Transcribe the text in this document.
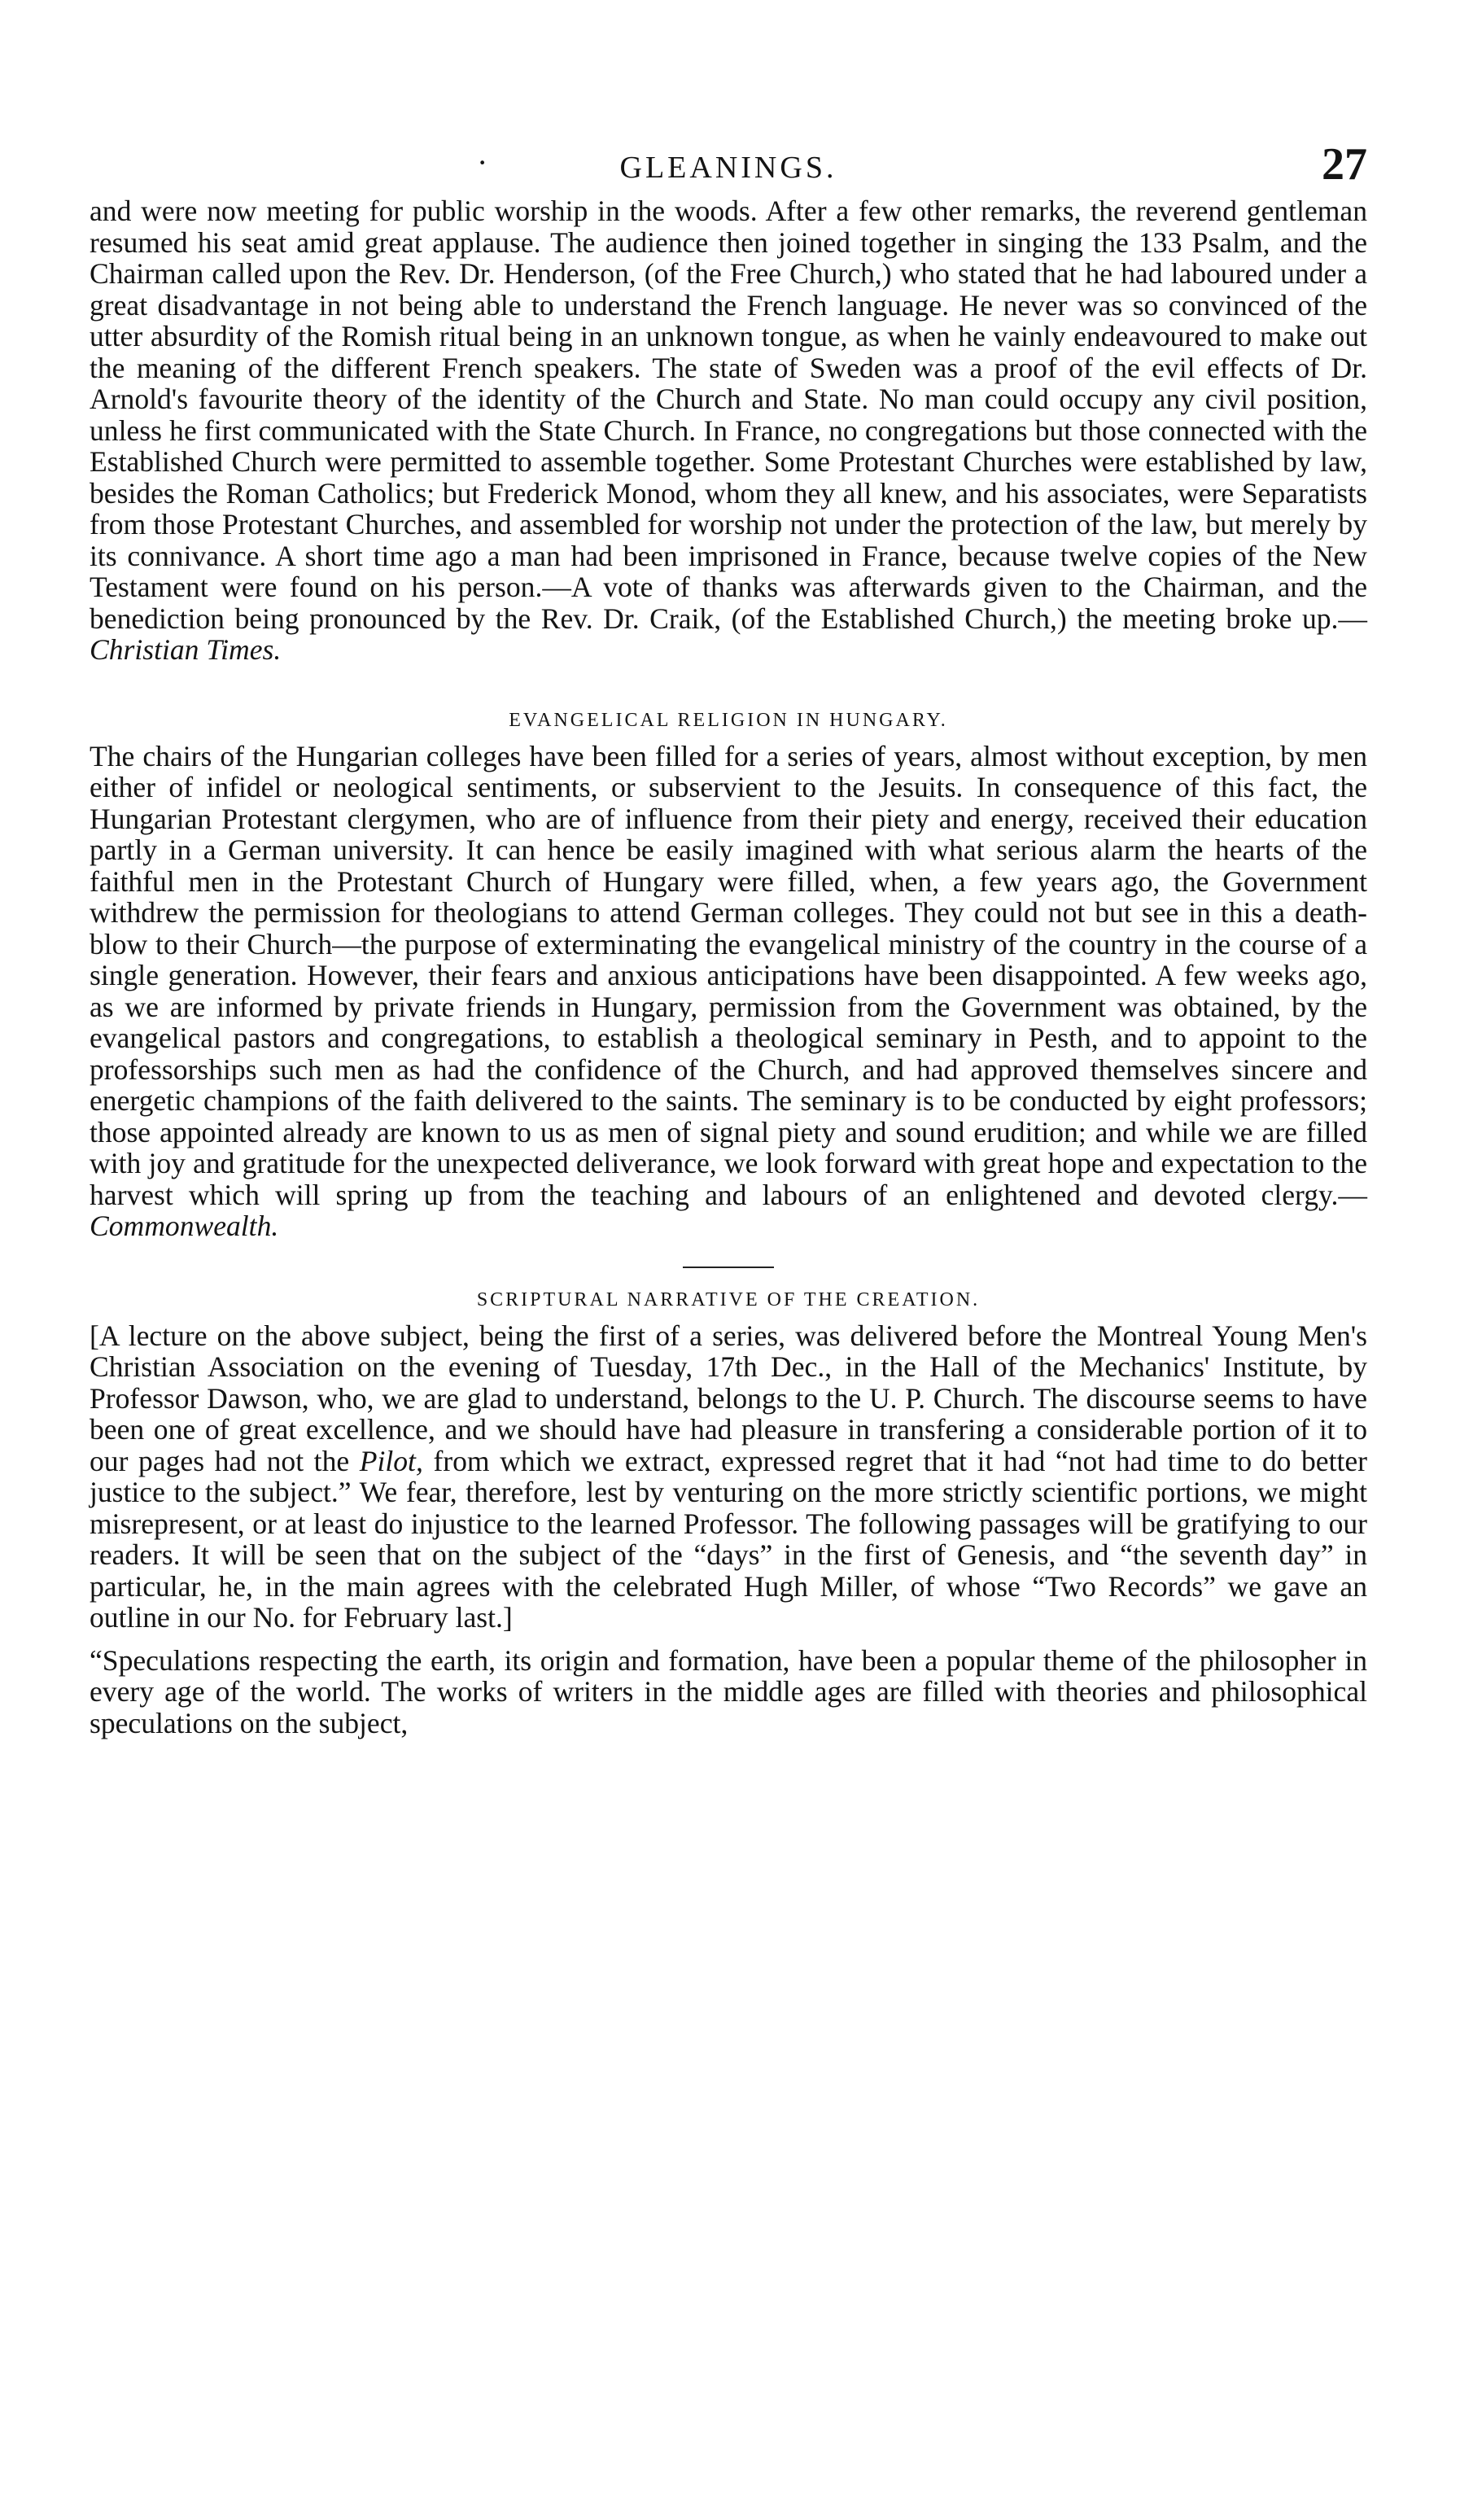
·	GLEANINGS.	27

and were now meeting for public worship in the woods. After a few other remarks, the reverend gentleman resumed his seat amid great applause. The audience then joined together in singing the 133 Psalm, and the Chairman called upon the Rev. Dr. Henderson, (of the Free Church,) who stated that he had laboured under a great disadvantage in not being able to understand the French language. He never was so convinced of the utter absurdity of the Romish ritual being in an unknown tongue, as when he vainly endeavoured to make out the meaning of the different French speakers. The state of Sweden was a proof of the evil effects of Dr. Arnold's favourite theory of the identity of the Church and State. No man could occupy any civil position, unless he first communicated with the State Church. In France, no congregations but those connected with the Established Church were permitted to assemble together. Some Protestant Churches were established by law, besides the Roman Catholics; but Frederick Monod, whom they all knew, and his associates, were Separatists from those Protestant Churches, and assembled for worship not under the protection of the law, but merely by its connivance. A short time ago a man had been imprisoned in France, because twelve copies of the New Testament were found on his person.—A vote of thanks was afterwards given to the Chairman, and the benediction being pronounced by the Rev. Dr. Craik, (of the Established Church,) the meeting broke up.—Christian Times.

EVANGELICAL RELIGION IN HUNGARY.

The chairs of the Hungarian colleges have been filled for a series of years, almost without exception, by men either of infidel or neological sentiments, or subservient to the Jesuits. In consequence of this fact, the Hungarian Protestant clergymen, who are of influence from their piety and energy, received their education partly in a German university. It can hence be easily imagined with what serious alarm the hearts of the faithful men in the Protestant Church of Hungary were filled, when, a few years ago, the Government withdrew the permission for theologians to attend German colleges. They could not but see in this a death-blow to their Church—the purpose of exterminating the evangelical ministry of the country in the course of a single generation. However, their fears and anxious anticipations have been disappointed. A few weeks ago, as we are informed by private friends in Hungary, permission from the Government was obtained, by the evangelical pastors and congregations, to establish a theological seminary in Pesth, and to appoint to the professorships such men as had the confidence of the Church, and had approved themselves sincere and energetic champions of the faith delivered to the saints. The seminary is to be conducted by eight professors; those appointed already are known to us as men of signal piety and sound erudition; and while we are filled with joy and gratitude for the unexpected deliverance, we look forward with great hope and expectation to the harvest which will spring up from the teaching and labours of an enlightened and devoted clergy.—Commonwealth.

SCRIPTURAL NARRATIVE OF THE CREATION.

[A lecture on the above subject, being the first of a series, was delivered before the Montreal Young Men's Christian Association on the evening of Tuesday, 17th Dec., in the Hall of the Mechanics' Institute, by Professor Dawson, who, we are glad to understand, belongs to the U. P. Church. The discourse seems to have been one of great excellence, and we should have had pleasure in transfering a considerable portion of it to our pages had not the Pilot, from which we extract, expressed regret that it had “not had time to do better justice to the subject.” We fear, therefore, lest by venturing on the more strictly scientific portions, we might misrepresent, or at least do injustice to the learned Professor. The following passages will be gratifying to our readers. It will be seen that on the subject of the “days” in the first of Genesis, and “the seventh day” in particular, he, in the main agrees with the celebrated Hugh Miller, of whose “Two Records” we gave an outline in our No. for February last.]

“Speculations respecting the earth, its origin and formation, have been a popular theme of the philosopher in every age of the world. The works of writers in the middle ages are filled with theories and philosophical speculations on the subject,
